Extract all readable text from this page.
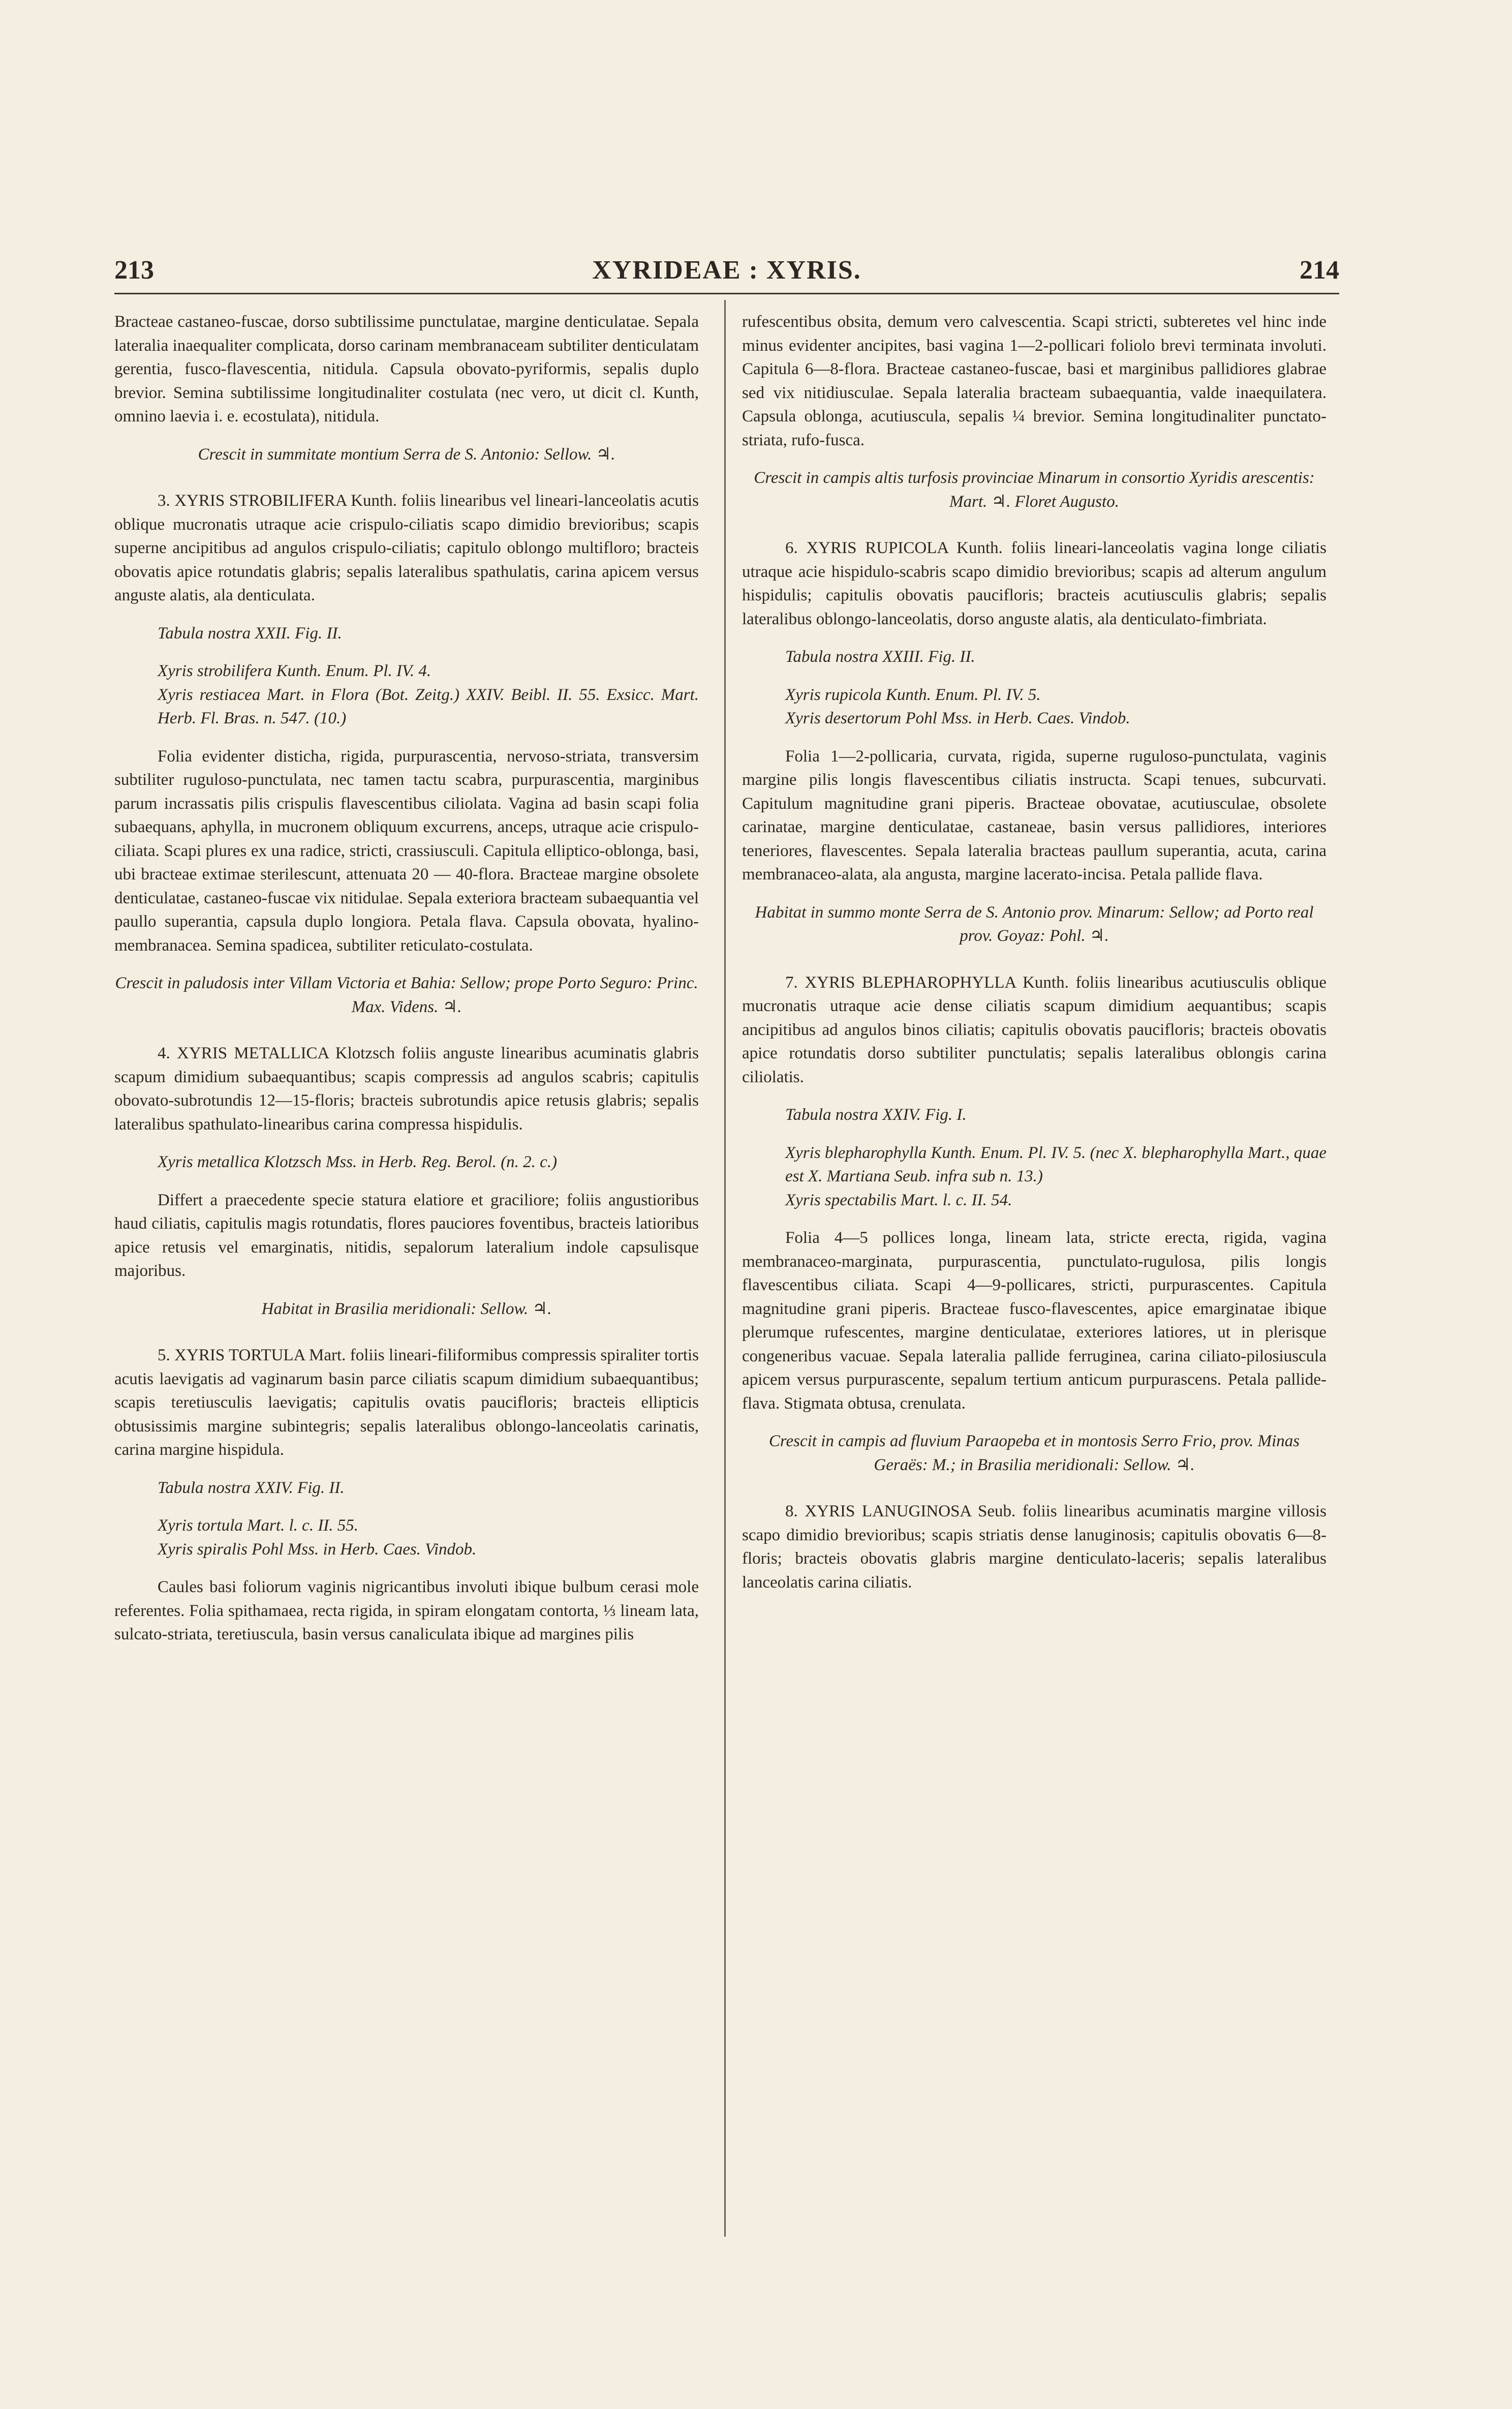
213	XYRIDEAE : XYRIS.	214

Bracteae castaneo-fuscae, dorso subtilissime punctulatae, margine denticulatae. Sepala lateralia inaequaliter complicata, dorso carinam membranaceam subtiliter denticulatam gerentia, fusco-flavescentia, nitidula. Capsula obovato-pyriformis, sepalis duplo brevior. Semina subtilissime longitudinaliter costulata (nec vero, ut dicit cl. Kunth, omnino laevia i. e. ecostulata), nitidula.

Crescit in summitate montium Serra de S. Antonio: Sellow. ♃.

3. XYRIS STROBILIFERA Kunth. foliis linearibus vel lineari-lanceolatis acutis oblique mucronatis utraque acie crispulo-ciliatis scapo dimidio brevioribus; scapis superne ancipitibus ad angulos crispulo-ciliatis; capitulo oblongo multifloro; bracteis obovatis apice rotundatis glabris; sepalis lateralibus spathulatis, carina apicem versus anguste alatis, ala denticulata.

Tabula nostra XXII. Fig. II.

Xyris strobilifera Kunth. Enum. Pl. IV. 4.

Xyris restiacea Mart. in Flora (Bot. Zeitg.) XXIV. Beibl. II. 55. Exsicc. Mart. Herb. Fl. Bras. n. 547. (10.)

Folia evidenter disticha, rigida, purpurascentia, nervoso-striata, transversim subtiliter ruguloso-punctulata, nec tamen tactu scabra, purpurascentia, marginibus parum incrassatis pilis crispulis flavescentibus ciliolata. Vagina ad basin scapi folia subaequans, aphylla, in mucronem obliquum excurrens, anceps, utraque acie crispulo-ciliata. Scapi plures ex una radice, stricti, crassiusculi. Capitula elliptico-oblonga, basi, ubi bracteae extimae sterilescunt, attenuata 20 — 40-flora. Bracteae margine obsolete denticulatae, castaneo-fuscae vix nitidulae. Sepala exteriora bracteam subaequantia vel paullo superantia, capsula duplo longiora. Petala flava. Capsula obovata, hyalino-membranacea. Semina spadicea, subtiliter reticulato-costulata.

Crescit in paludosis inter Villam Victoria et Bahia: Sellow; prope Porto Seguro: Princ. Max. Videns. ♃.

4. XYRIS METALLICA Klotzsch foliis anguste linearibus acuminatis glabris scapum dimidium subaequantibus; scapis compressis ad angulos scabris; capitulis obovato-subrotundis 12—15-floris; bracteis subrotundis apice retusis glabris; sepalis lateralibus spathulato-linearibus carina compressa hispidulis.

Xyris metallica Klotzsch Mss. in Herb. Reg. Berol. (n. 2. c.)

Differt a praecedente specie statura elatiore et graciliore; foliis angustioribus haud ciliatis, capitulis magis rotundatis, flores pauciores foventibus, bracteis latioribus apice retusis vel emarginatis, nitidis, sepalorum lateralium indole capsulisque majoribus.

Habitat in Brasilia meridionali: Sellow. ♃.

5. XYRIS TORTULA Mart. foliis lineari-filiformibus compressis spiraliter tortis acutis laevigatis ad vaginarum basin parce ciliatis scapum dimidium subaequantibus; scapis teretiusculis laevigatis; capitulis ovatis paucifloris; bracteis ellipticis obtusissimis margine subintegris; sepalis lateralibus oblongo-lanceolatis carinatis, carina margine hispidula.

Tabula nostra XXIV. Fig. II.

Xyris tortula Mart. l. c. II. 55.

Xyris spiralis Pohl Mss. in Herb. Caes. Vindob.

Caules basi foliorum vaginis nigricantibus involuti ibique bulbum cerasi mole referentes. Folia spithamaea, recta rigida, in spiram elongatam contorta, ⅓ lineam lata, sulcato-striata, teretiuscula, basin versus canaliculata ibique ad margines pilis

rufescentibus obsita, demum vero calvescentia. Scapi stricti, subteretes vel hinc inde minus evidenter ancipites, basi vagina 1—2-pollicari foliolo brevi terminata involuti. Capitula 6—8-flora. Bracteae castaneo-fuscae, basi et marginibus pallidiores glabrae sed vix nitidiusculae. Sepala lateralia bracteam subaequantia, valde inaequilatera. Capsula oblonga, acutiuscula, sepalis ¼ brevior. Semina longitudinaliter punctato-striata, rufo-fusca.

Crescit in campis altis turfosis provinciae Minarum in consortio Xyridis arescentis: Mart. ♃. Floret Augusto.

6. XYRIS RUPICOLA Kunth. foliis lineari-lanceolatis vagina longe ciliatis utraque acie hispidulo-scabris scapo dimidio brevioribus; scapis ad alterum angulum hispidulis; capitulis obovatis paucifloris; bracteis acutiusculis glabris; sepalis lateralibus oblongo-lanceolatis, dorso anguste alatis, ala denticulato-fimbriata.

Tabula nostra XXIII. Fig. II.

Xyris rupicola Kunth. Enum. Pl. IV. 5.

Xyris desertorum Pohl Mss. in Herb. Caes. Vindob.

Folia 1—2-pollicaria, curvata, rigida, superne ruguloso-punctulata, vaginis margine pilis longis flavescentibus ciliatis instructa. Scapi tenues, subcurvati. Capitulum magnitudine grani piperis. Bracteae obovatae, acutiusculae, obsolete carinatae, margine denticulatae, castaneae, basin versus pallidiores, interiores teneriores, flavescentes. Sepala lateralia bracteas paullum superantia, acuta, carina membranaceo-alata, ala angusta, margine lacerato-incisa. Petala pallide flava.

Habitat in summo monte Serra de S. Antonio prov. Minarum: Sellow; ad Porto real prov. Goyaz: Pohl. ♃.

7. XYRIS BLEPHAROPHYLLA Kunth. foliis linearibus acutiusculis oblique mucronatis utraque acie dense ciliatis scapum dimidium aequantibus; scapis ancipitibus ad angulos binos ciliatis; capitulis obovatis paucifloris; bracteis obovatis apice rotundatis dorso subtiliter punctulatis; sepalis lateralibus oblongis carina ciliolatis.

Tabula nostra XXIV. Fig. I.

Xyris blepharophylla Kunth. Enum. Pl. IV. 5. (nec X. blepharophylla Mart., quae est X. Martiana Seub. infra sub n. 13.)

Xyris spectabilis Mart. l. c. II. 54.

Folia 4—5 pollices longa, lineam lata, stricte erecta, rigida, vagina membranaceo-marginata, purpurascentia, punctulato-rugulosa, pilis longis flavescentibus ciliata. Scapi 4—9-pollicares, stricti, purpurascentes. Capitula magnitudine grani piperis. Bracteae fusco-flavescentes, apice emarginatae ibique plerumque rufescentes, margine denticulatae, exteriores latiores, ut in plerisque congeneribus vacuae. Sepala lateralia pallide ferruginea, carina ciliato-pilosiuscula apicem versus purpurascente, sepalum tertium anticum purpurascens. Petala pallide-flava. Stigmata obtusa, crenulata.

Crescit in campis ad fluvium Paraopeba et in montosis Serro Frio, prov. Minas Geraës: M.; in Brasilia meridionali: Sellow. ♃.

8. XYRIS LANUGINOSA Seub. foliis linearibus acuminatis margine villosis scapo dimidio brevioribus; scapis striatis dense lanuginosis; capitulis obovatis 6—8-floris; bracteis obovatis glabris margine denticulato-laceris; sepalis lateralibus lanceolatis carina ciliatis.
